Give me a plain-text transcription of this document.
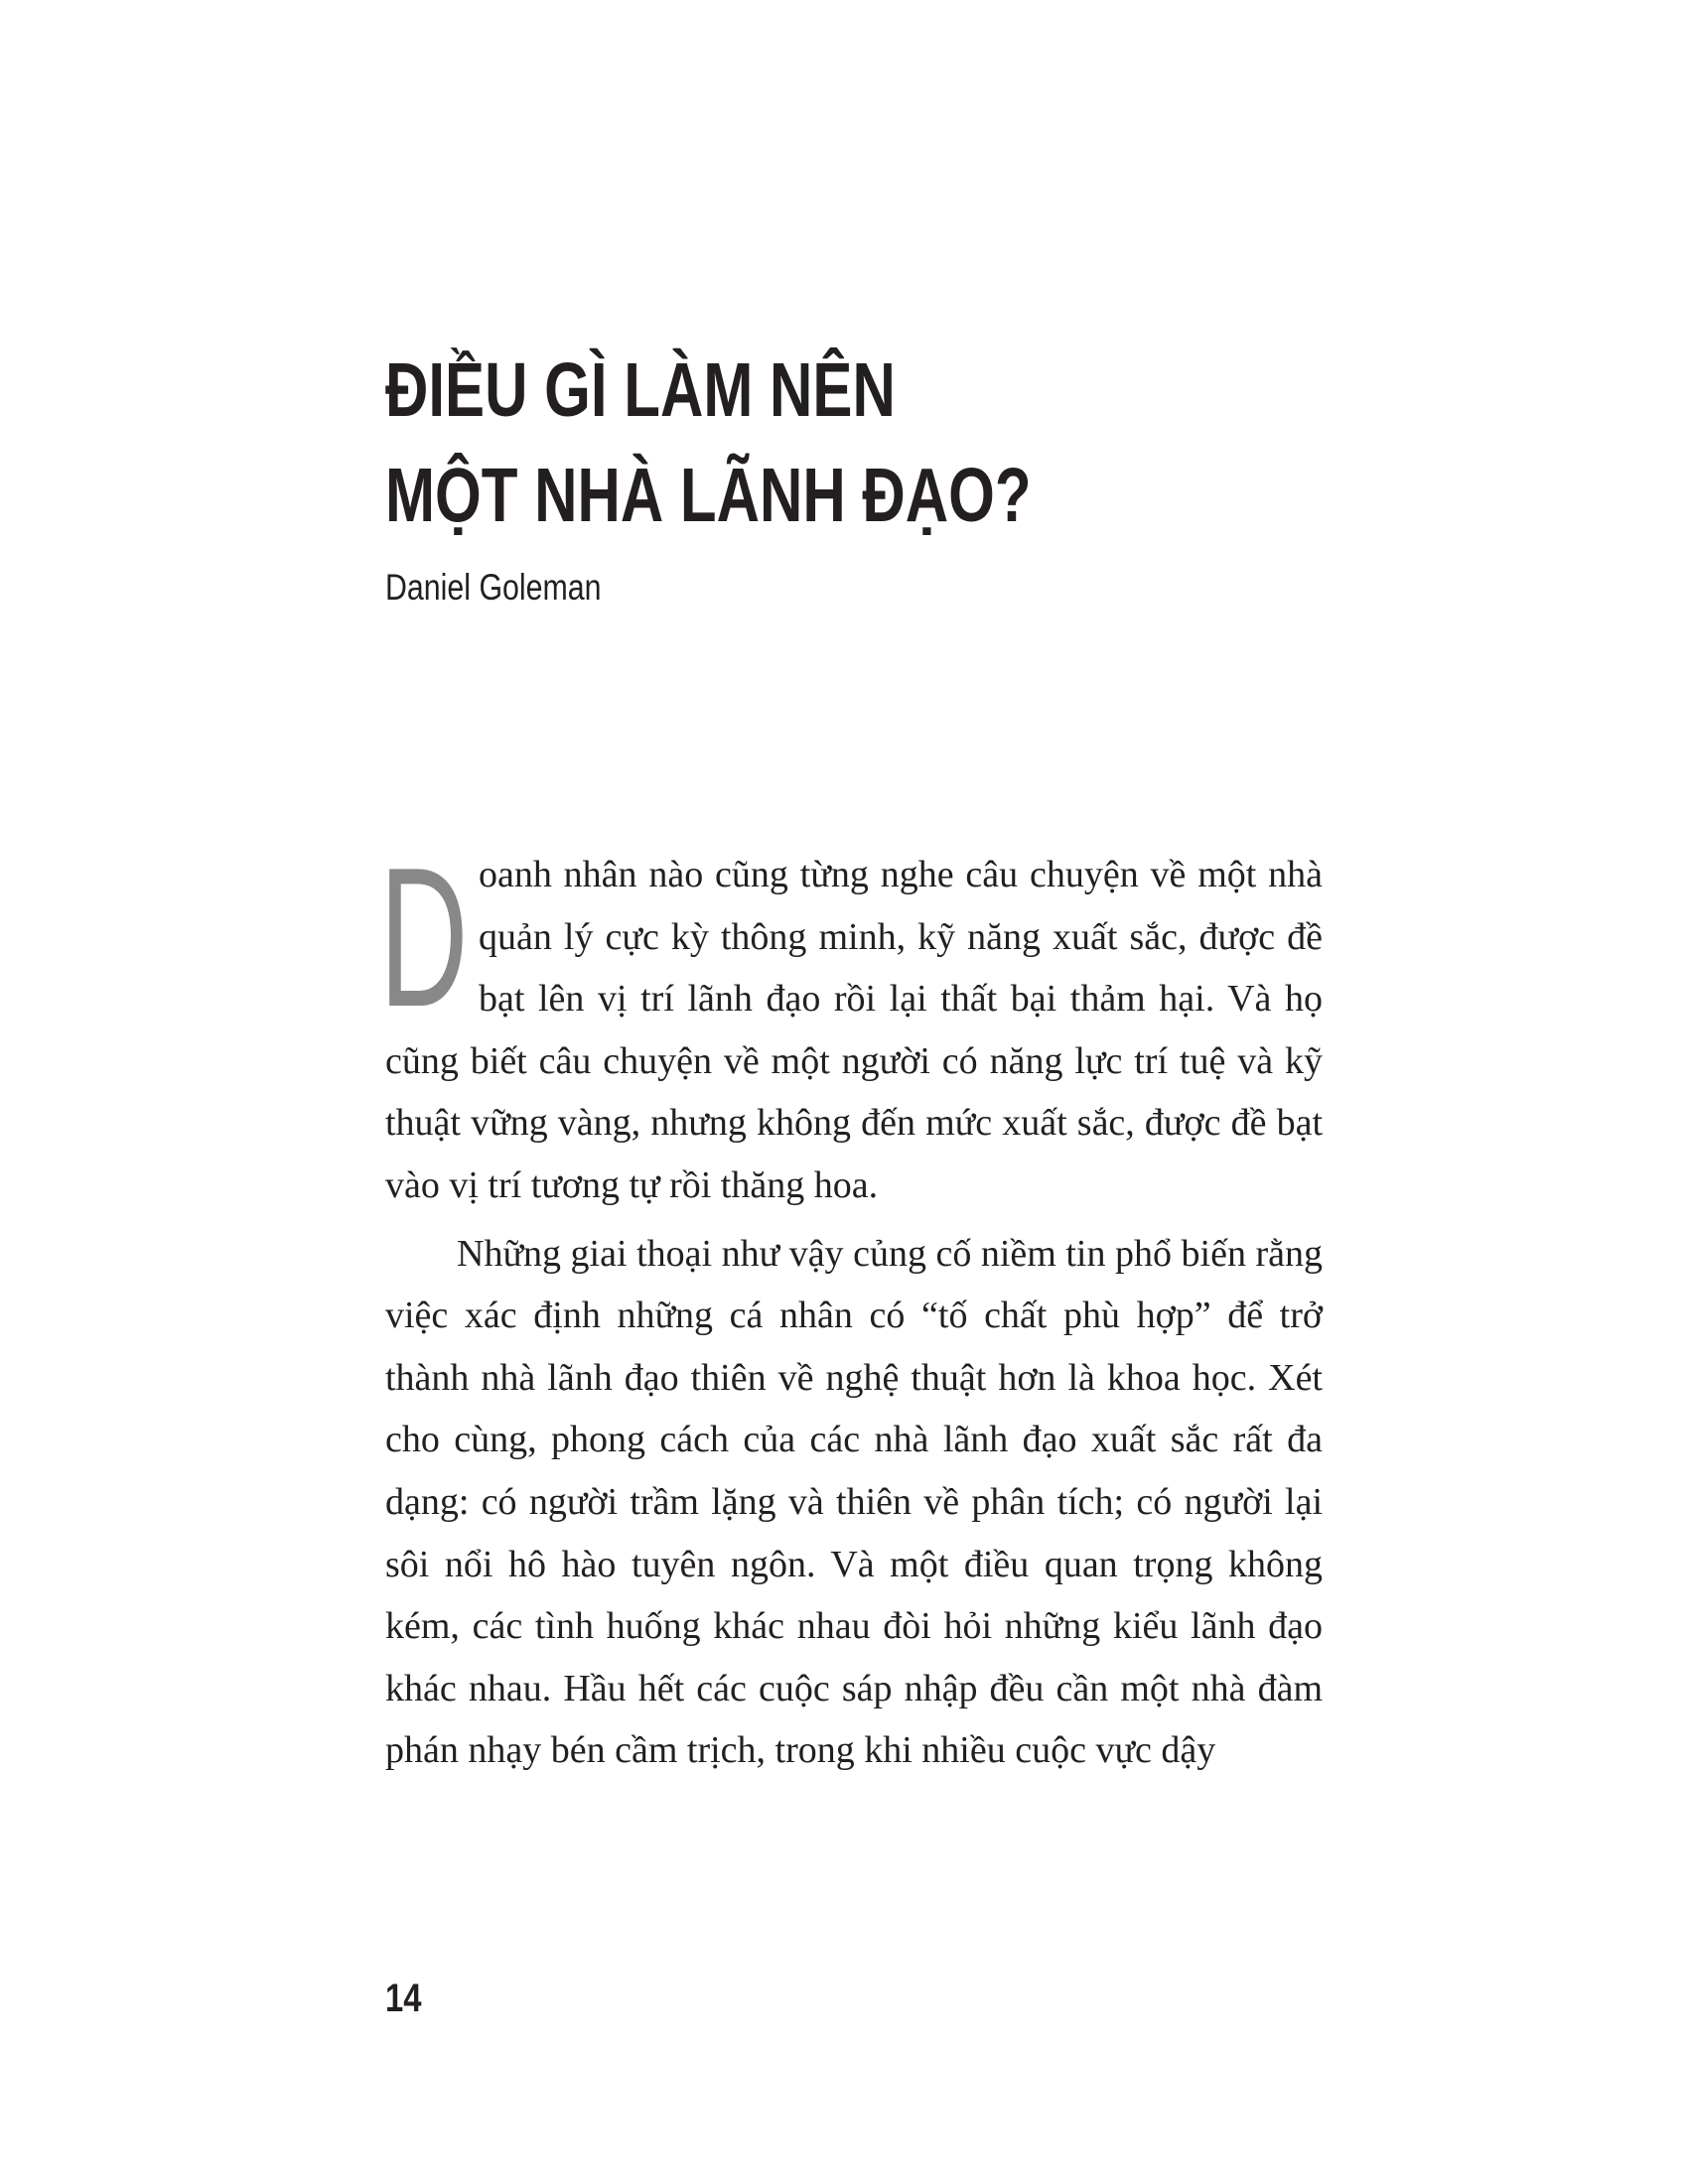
ĐIỀU GÌ LÀM NÊN
MỘT NHÀ LÃNH ĐẠO?
Daniel Goleman

Doanh nhân nào cũng từng nghe câu chuyện về một nhà quản lý cực kỳ thông minh, kỹ năng xuất sắc, được đề bạt lên vị trí lãnh đạo rồi lại thất bại thảm hại. Và họ cũng biết câu chuyện về một người có năng lực trí tuệ và kỹ thuật vững vàng, nhưng không đến mức xuất sắc, được đề bạt vào vị trí tương tự rồi thăng hoa.

Những giai thoại như vậy củng cố niềm tin phổ biến rằng việc xác định những cá nhân có “tố chất phù hợp” để trở thành nhà lãnh đạo thiên về nghệ thuật hơn là khoa học. Xét cho cùng, phong cách của các nhà lãnh đạo xuất sắc rất đa dạng: có người trầm lặng và thiên về phân tích; có người lại sôi nổi hô hào tuyên ngôn. Và một điều quan trọng không kém, các tình huống khác nhau đòi hỏi những kiểu lãnh đạo khác nhau. Hầu hết các cuộc sáp nhập đều cần một nhà đàm phán nhạy bén cầm trịch, trong khi nhiều cuộc vực dậy

14
